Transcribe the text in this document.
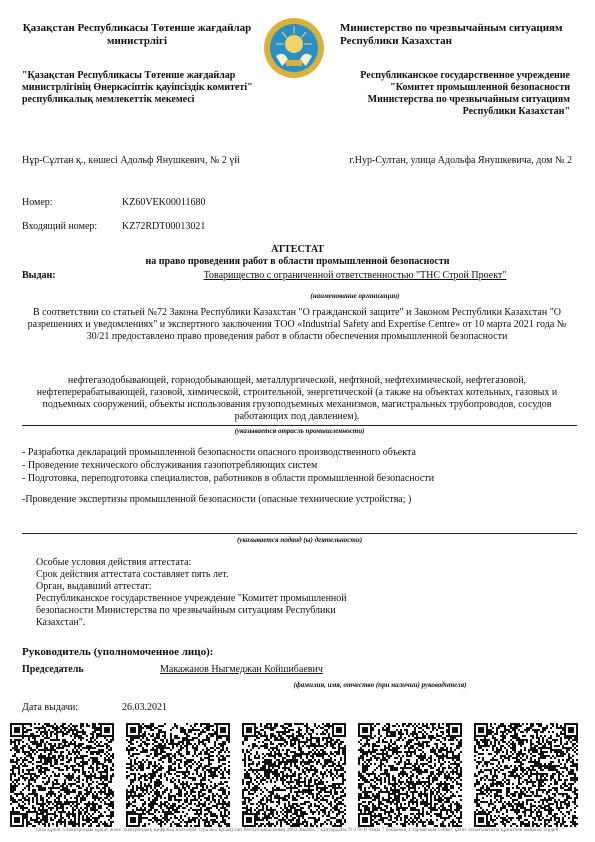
Қазақстан Республикасы Төтенше жағдайлар министрлігі
Министерство по чрезвычайным ситуациям Республики Казахстан
"Қазақстан Республикасы Төтенше жағдайлар министрлігінің Өнеркәсіптік қауіпсіздік комитеті" республикалық мемлекеттік мекемесі
Республиканское государственное учреждение "Комитет промышленной безопасности Министерства по чрезвычайным ситуациям Республики Казахстан"
Нұр-Сұлтан қ., көшесі Адольф Янушкевич, № 2 үй	г.Нур-Султан, улица Адольфа Янушкевича, дом № 2
Номер:	KZ60VEK00011680
Входящий номер: KZ72RDT00013021
АТТЕСТАТ
на право проведения работ в области промышленной безопасности
Выдан:	Товарищество с ограниченной ответственностью "ТНС Строй Проект"
(наименование организации)
В соответствии со статьей №72 Закона Республики Казахстан "О гражданской защите" и Законом Республики Казахстан "О разрешениях и уведомлениях" и экспертного заключения ТОО «Industrial Safety and Expertise Centre» от 10 марта 2021 года № 30/21 предоставлено право проведения работ в области обеспечения промышленной безопасности
нефтегазодобывающей, горнодобывающей, металлургической, нефтяной, нефтехимической, нефтегазовой, нефтеперерабатывающей, газовой, химической, строительной, энергетической (а также на объектах котельных, газовых и подъемных сооружений, объекты использования грузоподъемных механизмов, магистральных трубопроводов, сосудов работающих под давлением).
(указывается отрасль промышленности)
- Разработка деклараций промышленной безопасности опасного производственного объекта
- Проведение технического обслуживания газопотребляющих систем
- Подготовка, переподготовка специалистов, работников в области промышленной безопасности
-Проведение экспертизы промышленной безопасности (опасные технические устройства; )
(указывается подвид (ы) деятельности)
Особые условия действия аттестата:
Срок действия аттестата составляет пять лет.
Орган, выдавший аттестат:
Республиканское государственное учреждение "Комитет промышленной безопасности Министерства по чрезвычайным ситуациям Республики Казахстан".
Руководитель (уполномоченное лицо):
Председатель	Макажанов Ныгмеджан Койшибаевич
(фамилия, имя, отчество (при наличии) руководителя)
Дата выдачи:	26.03.2021
Осы құжат «Электронды құжат және электрондық цифрлық қолтаңба туралы» Қазақстан Республикасының 2003 жылғы 7 қаңтардағы N 370-II Заңы 7 бабының 1 тармағына сәйкес қағаз тасығыштағы құжатпен маңызы бірдей.
